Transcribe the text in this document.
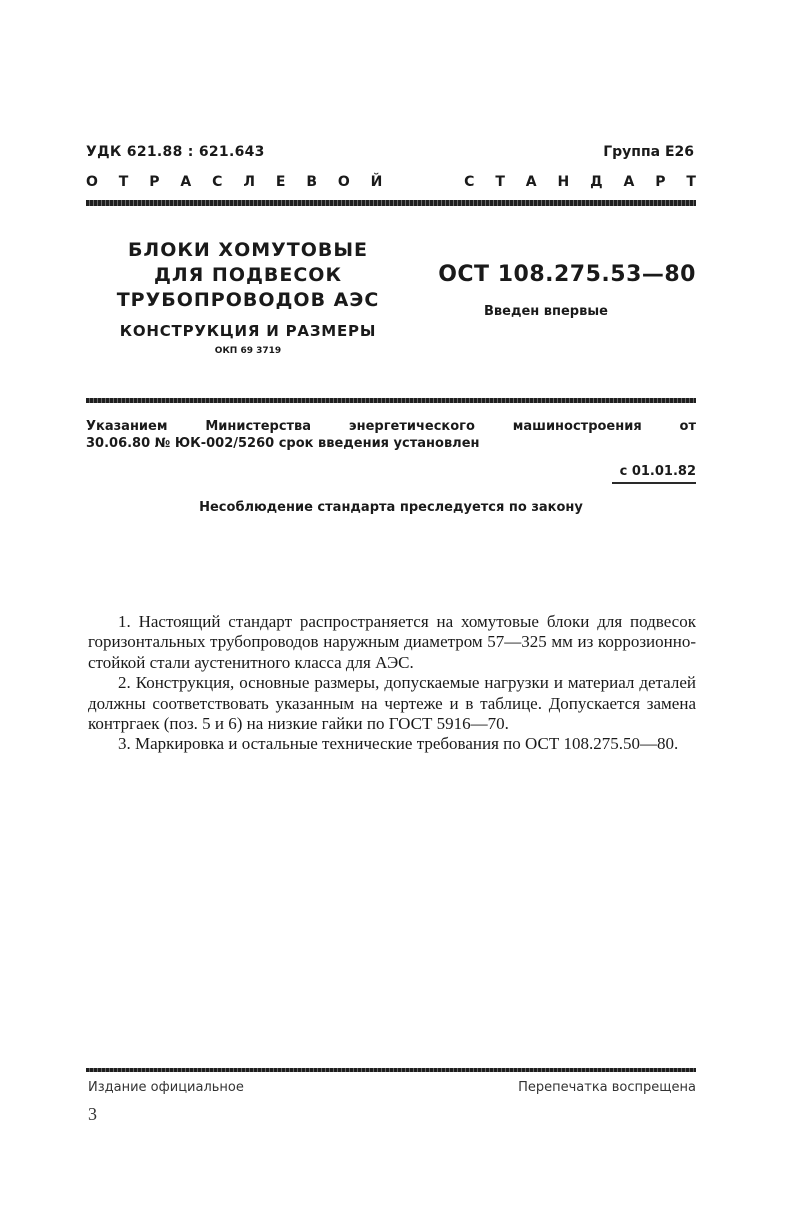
УДК 621.88 : 621.643	Группа Е26
О Т Р А С Л Е В О Й	С Т А Н Д А Р Т
БЛОКИ ХОМУТОВЫЕ
ДЛЯ ПОДВЕСОК
ТРУБОПРОВОДОВ АЭС
КОНСТРУКЦИЯ И РАЗМЕРЫ
ОКП 69 3719
ОСТ 108.275.53—80
Введен впервые
Указанием Министерства энергетического машиностроения от
30.06.80 № ЮК-002/5260 срок введения установлен
с 01.01.82
Несоблюдение стандарта преследуется по закону

1. Настоящий стандарт распространяется на хомутовые блоки для подвесок горизонтальных трубопроводов наружным диаметром 57—325 мм из коррозионно-стойкой стали аустенитного класса для АЭС.

2. Конструкция, основные размеры, допускаемые нагрузки и материал деталей должны соответствовать указанным на чертеже и в таблице. Допускается замена контргаек (поз. 5 и 6) на низкие гайки по ГОСТ 5916—70.

3. Маркировка и остальные технические требования по ОСТ 108.275.50—80.

Издание официальное	Перепечатка воспрещена
3
